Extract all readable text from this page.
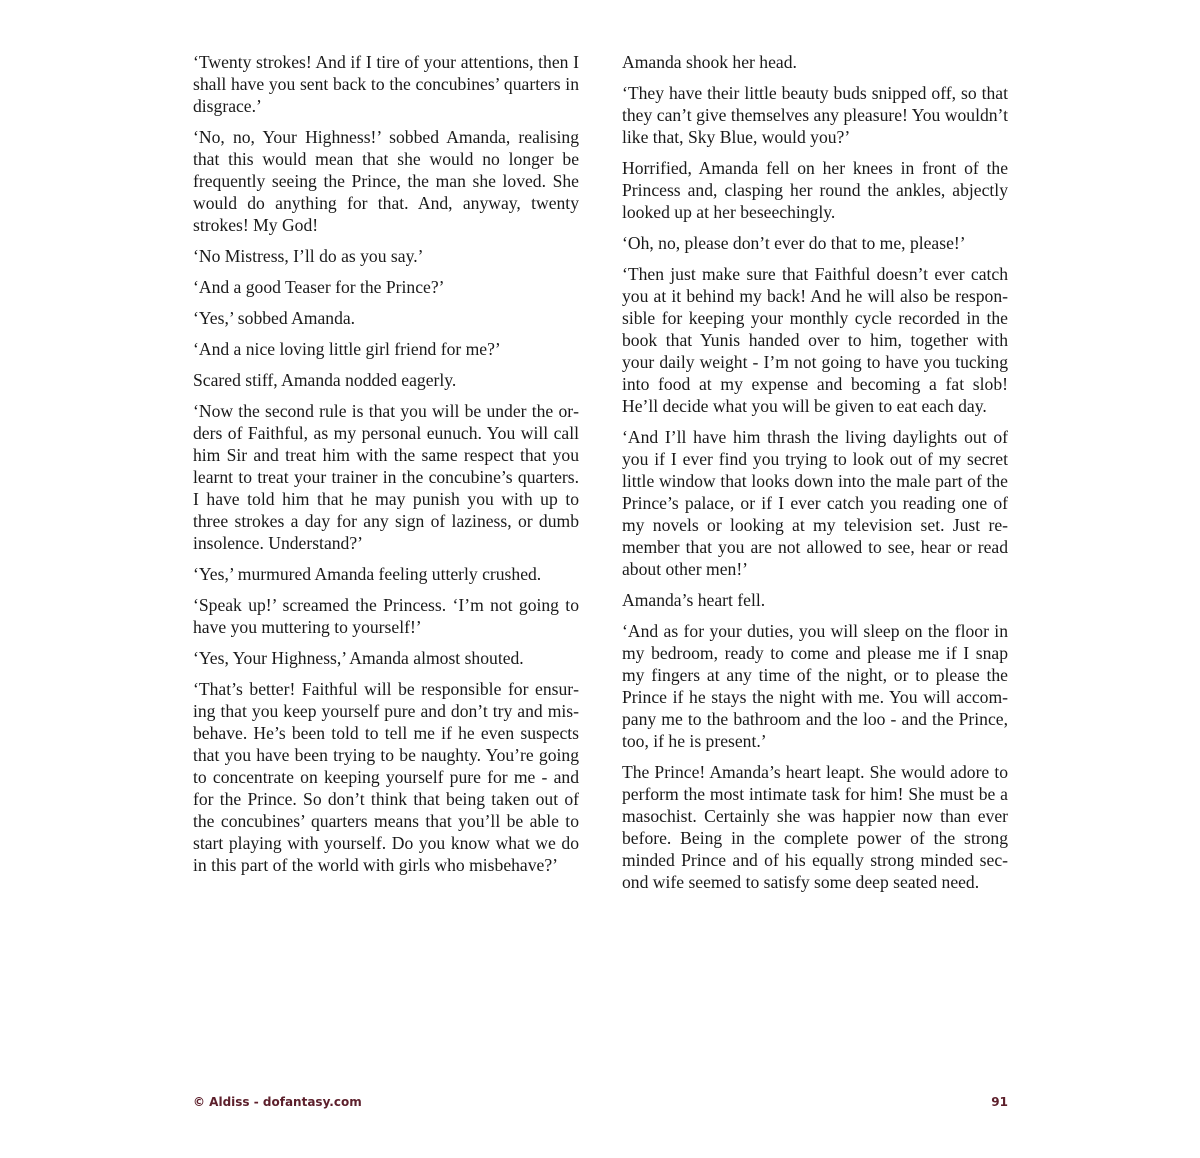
‘Twenty strokes! And if I tire of your attentions, then I shall have you sent back to the concubines’ quarters in disgrace.’

‘No, no, Your Highness!’ sobbed Amanda, realising that this would mean that she would no longer be frequently seeing the Prince, the man she loved. She would do anything for that. And, anyway, twenty strokes! My God!

‘No Mistress, I’ll do as you say.’

‘And a good Teaser for the Prince?’

‘Yes,’ sobbed Amanda.

‘And a nice loving little girl friend for me?’

Scared stiff, Amanda nodded eagerly.

‘Now the second rule is that you will be under the orders of Faithful, as my personal eunuch. You will call him Sir and treat him with the same respect that you learnt to treat your trainer in the concubine’s quarters. I have told him that he may punish you with up to three strokes a day for any sign of laziness, or dumb insolence. Understand?’

‘Yes,’ murmured Amanda feeling utterly crushed.

‘Speak up!’ screamed the Princess. ‘I’m not going to have you muttering to yourself!’

‘Yes, Your Highness,’ Amanda almost shouted.

‘That’s better! Faithful will be responsible for ensuring that you keep yourself pure and don’t try and misbehave. He’s been told to tell me if he even suspects that you have been trying to be naughty. You’re going to concentrate on keeping yourself pure for me - and for the Prince. So don’t think that being taken out of the concubines’ quarters means that you’ll be able to start playing with yourself. Do you know what we do in this part of the world with girls who misbehave?’

Amanda shook her head.

‘They have their little beauty buds snipped off, so that they can’t give themselves any pleasure! You wouldn’t like that, Sky Blue, would you?’

Horrified, Amanda fell on her knees in front of the Princess and, clasping her round the ankles, abjectly looked up at her beseechingly.

‘Oh, no, please don’t ever do that to me, please!’

‘Then just make sure that Faithful doesn’t ever catch you at it behind my back! And he will also be responsible for keeping your monthly cycle recorded in the book that Yunis handed over to him, together with your daily weight - I’m not going to have you tucking into food at my expense and becoming a fat slob! He’ll decide what you will be given to eat each day.

‘And I’ll have him thrash the living daylights out of you if I ever find you trying to look out of my secret little window that looks down into the male part of the Prince’s palace, or if I ever catch you reading one of my novels or looking at my television set. Just remember that you are not allowed to see, hear or read about other men!’

Amanda’s heart fell.

‘And as for your duties, you will sleep on the floor in my bedroom, ready to come and please me if I snap my fingers at any time of the night, or to please the Prince if he stays the night with me. You will accompany me to the bathroom and the loo - and the Prince, too, if he is present.’

The Prince! Amanda’s heart leapt. She would adore to perform the most intimate task for him! She must be a masochist. Certainly she was happier now than ever before. Being in the complete power of the strong minded Prince and of his equally strong minded second wife seemed to satisfy some deep seated need.

© Aldiss - dofantasy.com	91
